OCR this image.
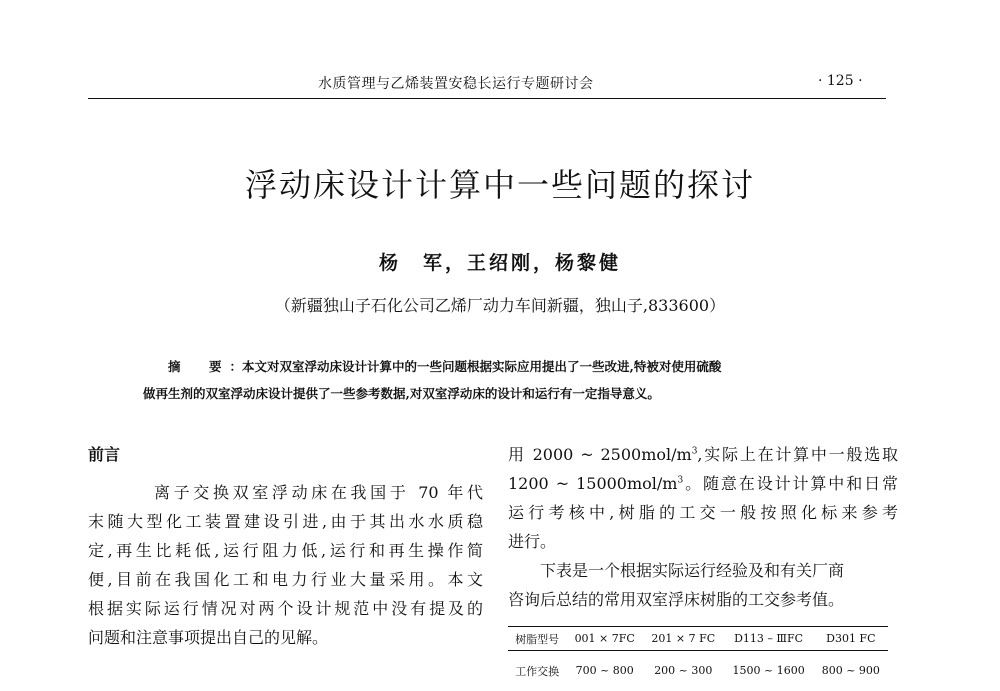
水质管理与乙烯装置安稳长运行专题研讨会	· 125 ·
浮动床设计计算中一些问题的探讨
杨　军，王绍刚，杨黎健
（新疆独山子石化公司乙烯厂动力车间新疆，独山子,833600）
摘　要：本文对双室浮动床设计计算中的一些问题根据实际应用提出了一些改进,特被对使用硫酸
做再生剂的双室浮动床设计提供了一些参考数据,对双室浮动床的设计和运行有一定指导意义。

前言

离子交换双室浮动床在我国于 70 年代

末随大型化工装置建设引进,由于其出水水质稳

定,再生比耗低,运行阻力低,运行和再生操作简

便,目前在我国化工和电力行业大量采用。本文

根据实际运行情况对两个设计规范中没有提及的

问题和注意事项提出自己的见解。

用 2000 ~ $2500mol/m^3$,实际上在计算中一般选取

1200 ~ $15000mol/m^3$。随意在设计计算中和日常

运行考核中,树脂的工交一般按照化标来参考

进行。

下表是一个根据实际运行经验及和有关厂商

咨询后总结的常用双室浮床树脂的工交参考值。

树脂型号	001 × 7FC	201 × 7 FC	D113 – ⅢFC	D301 FC
工作交换	700 ~ 800	200 ~ 300	1500 ~ 1600	800 ~ 900
